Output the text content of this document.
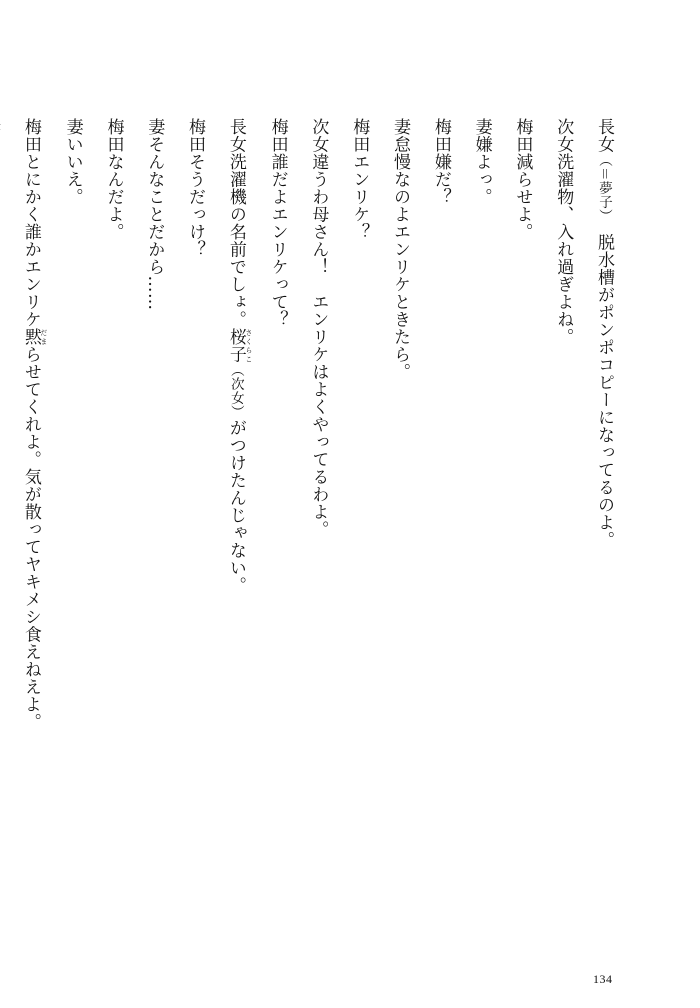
長女（＝夢子）　脱水槽がポンポコピーになってるのよ。
次女洗濯物、入れ過ぎよね。
梅田減らせよ。
妻嫌よっ。
梅田嫌だ？
妻怠慢なのよエンリケときたら。
梅田エンリケ？
次女違うわ母さん！　エンリケはよくやってるわよ。
梅田誰だよエンリケって？
長女洗濯機の名前でしょ。桜子 さくらこ（次女）がつけたんじゃない。
梅田そうだっけ？
妻そんなことだから……
梅田なんだよ。
妻いいえ。
梅田とにかく誰かエンリケ黙 だまらせてくれよ。気が散ってヤキメシ食えねえよ。
134
